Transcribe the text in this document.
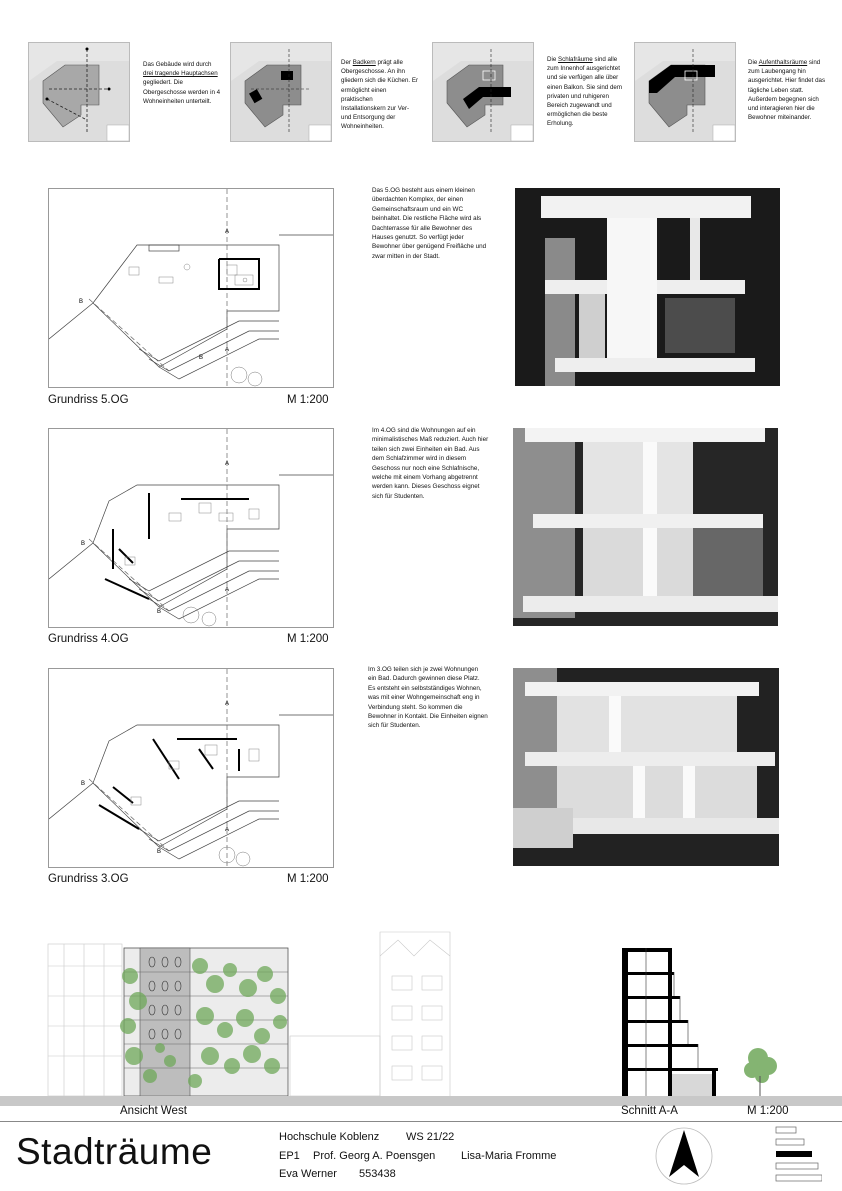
Das Gebäude wird durch drei tragende Hauptachsen gegliedert. Die Obergeschosse werden in 4 Wohneinheiten unterteilt.
Der Badkern prägt alle Obergeschosse. An ihn gliedern sich die Küchen. Er ermöglicht einen praktischen Installationskern zur Ver- und Entsorgung der Wohneinheiten.
Die Schlafräume sind alle zum Innenhof ausgerichtet und sie verfügen alle über einen Balkon. Sie sind dem privaten und ruhigeren Bereich zugewandt und ermöglichen die beste Erholung.
Die Aufenthaltsräume sind zum Laubengang hin ausgerichtet. Hier findet das tägliche Leben statt. Außerdem begegnen sich und interagieren hier die Bewohner miteinander.
A
A
B
B
Grundriss 5.OG	M 1:200
Das 5.OG besteht aus einem kleinen überdachten Komplex, der einen Gemeinschaftsraum und ein WC beinhaltet. Die restliche Fläche wird als Dachterrasse für alle Bewohner des Hauses genutzt. So verfügt jeder Bewohner über genügend Freifläche und zwar mitten in der Stadt.
A
A
B
B
Grundriss 4.OG	M 1:200
Im 4.OG sind die Wohnungen auf ein minimalistisches Maß reduziert. Auch hier teilen sich zwei Einheiten ein Bad. Aus dem Schlafzimmer wird in diesem Geschoss nur noch eine Schlafnische, welche mit einem Vorhang abgetrennt werden kann. Dieses Geschoss eignet sich für Studenten.
A
A
B
B
Grundriss 3.OG	M 1:200
Im 3.OG teilen sich je zwei Wohnungen ein Bad. Dadurch gewinnen diese Platz. Es entsteht ein selbstständiges Wohnen, was mit einer Wohngemeinschaft eng in Verbindung steht. So kommen die Bewohner in Kontakt. Die Einheiten eignen sich für Studenten.
Ansicht West	Schnitt A-A	M 1:200
Stadträume	Hochschule Koblenz WS 21/22
EP1 Prof. Georg A. Poensgen Lisa-Maria Fromme
Eva Werner 553438
